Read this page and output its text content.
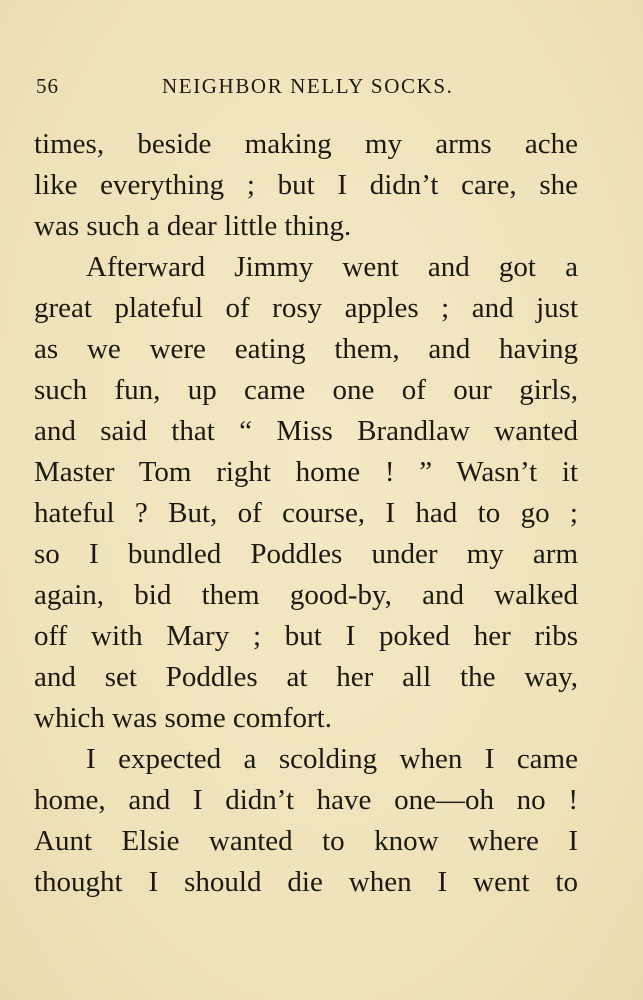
56	NEIGHBOR NELLY SOCKS.
times, beside making my arms ache
like everything ; but I didn’t care, she
was such a dear little thing.
Afterward Jimmy went and got a
great plateful of rosy apples ; and just
as we were eating them, and having
such fun, up came one of our girls,
and said that “ Miss Brandlaw wanted
Master Tom right home ! ” Wasn’t it
hateful ? But, of course, I had to go ;
so I bundled Poddles under my arm
again, bid them good-by, and walked
off with Mary ; but I poked her ribs
and set Poddles at her all the way,
which was some comfort.
I expected a scolding when I came
home, and I didn’t have one—oh no !
Aunt Elsie wanted to know where I
thought I should die when I went to
